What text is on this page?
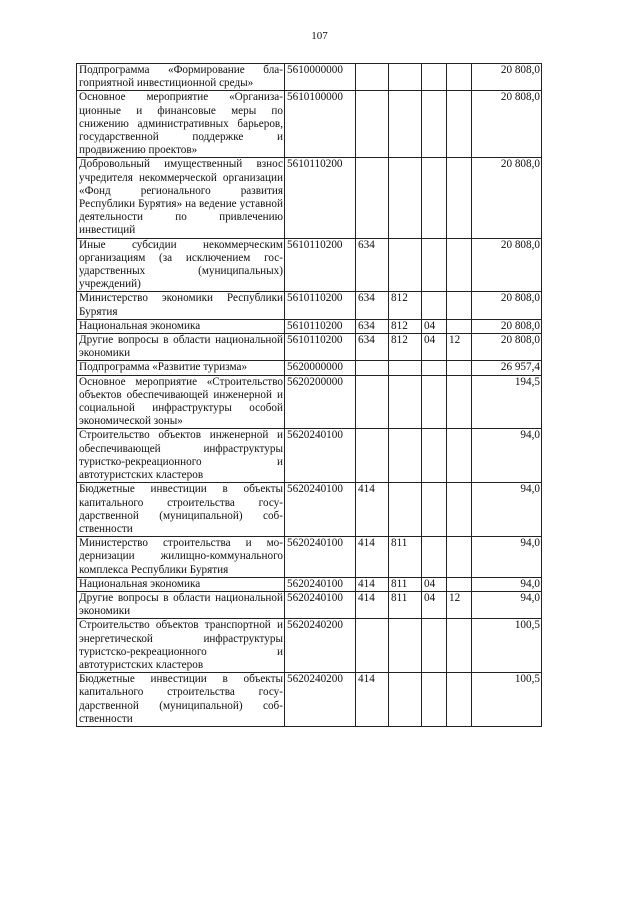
107
Подпрограмма «Формирование благоприятной инвестиционной среды»	5610000000					20 808,0
Основное мероприятие «Организационные и финансовые меры по снижению административных барьеров, государственной поддержке и продвижению проектов»	5610100000					20 808,0
Добровольный имущественный взнос учредителя некоммерческой организации «Фонд регионального развития Республики Бурятия» на ведение уставной деятельности по привлечению инвестиций	5610110200					20 808,0
Иные субсидии некоммерческим организациям (за исключением государственных (муниципальных) учреждений)	5610110200	634				20 808,0
Министерство экономики Республики Бурятия	5610110200	634	812			20 808,0
Национальная экономика	5610110200	634	812	04		20 808,0
Другие вопросы в области национальной экономики	5610110200	634	812	04	12	20 808,0
Подпрограмма «Развитие туризма»	5620000000					26 957,4
Основное мероприятие «Строительство объектов обеспечивающей инженерной и социальной инфраструктуры особой экономической зоны»	5620200000					194,5
Строительство объектов инженерной и обеспечивающей инфраструктуры туристко-рекреационного и автотуристских кластеров	5620240100					94,0
Бюджетные инвестиции в объекты капитального строительства государственной (муниципальной) собственности	5620240100	414				94,0
Министерство строительства и модернизации жилищно-коммунального комплекса Республики Бурятия	5620240100	414	811			94,0
Национальная экономика	5620240100	414	811	04		94,0
Другие вопросы в области национальной экономики	5620240100	414	811	04	12	94,0
Строительство объектов транспортной и энергетической инфраструктуры туристско-рекреационного и автотуристских кластеров	5620240200					100,5
Бюджетные инвестиции в объекты капитального строительства государственной (муниципальной) собственности	5620240200	414				100,5
